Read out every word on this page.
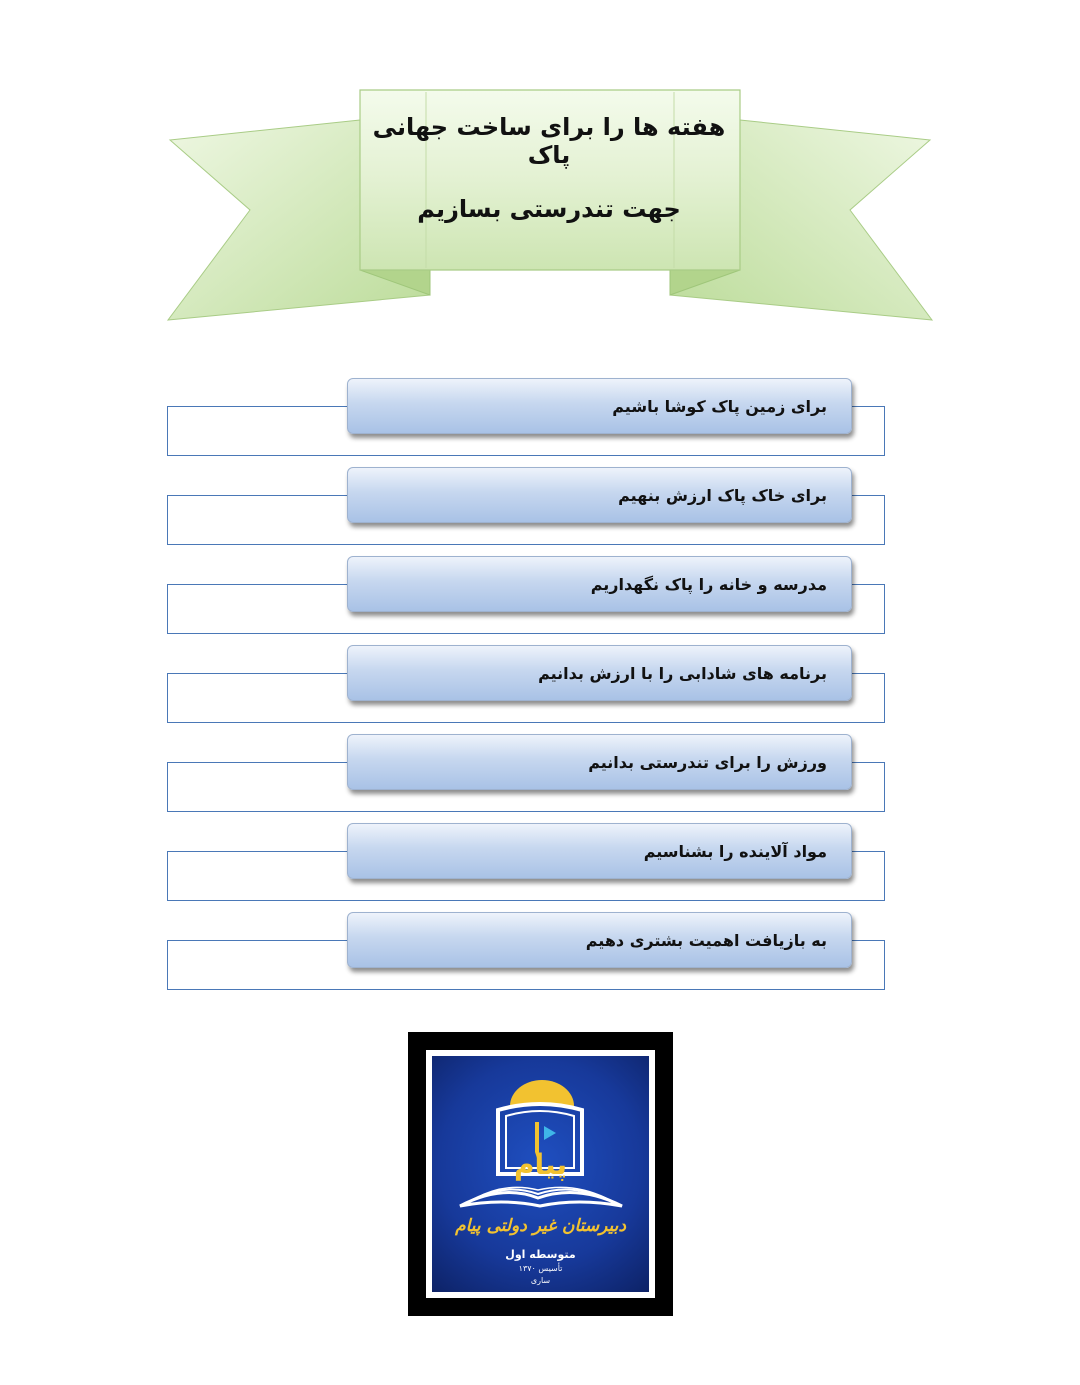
هفته ها را برای ساخت جهانی پاک
جهت تندرستی بسازیم
برای زمین پاک کوشا باشیم
برای خاک پاک ارزش بنهیم
مدرسه و خانه را پاک نگهداریم
برنامه های شادابی را با ارزش بدانیم
ورزش را برای تندرستی بدانیم
مواد آلاینده را بشناسیم
به بازیافت اهمیت بشتری دهیم
پیام
دبیرستان غیر دولتی پیام
متوسطه اول
تأسیس ۱۳۷۰
ساری
